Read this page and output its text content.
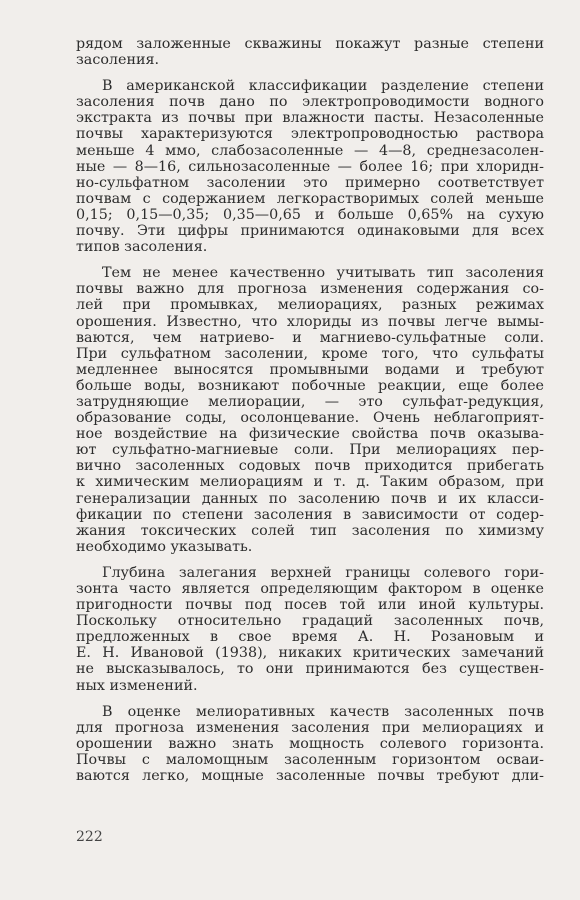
рядом заложенные скважины покажут разные степени
засоления.
В американской классификации разделение степени
засоления почв дано по электропроводимости водного
экстракта из почвы при влажности пасты. Незасоленные
почвы характеризуются электропроводностью раствора
меньше 4 ммо, слабозасоленные — 4—8, среднезасолен-
ные — 8—16, сильнозасоленные — более 16; при хлоридн-
но-сульфатном засолении это примерно соответствует
почвам с содержанием легкорастворимых солей меньше
0,15; 0,15—0,35; 0,35—0,65 и больше 0,65% на сухую
почву. Эти цифры принимаются одинаковыми для всех
типов засоления.
Тем не менее качественно учитывать тип засоления
почвы важно для прогноза изменения содержания со-
лей при промывках, мелиорациях, разных режимах
орошения. Известно, что хлориды из почвы легче вымы-
ваются, чем натриево- и магниево-сульфатные соли.
При сульфатном засолении, кроме того, что сульфаты
медленнее выносятся промывными водами и требуют
больше воды, возникают побочные реакции, еще более
затрудняющие мелиорации, — это сульфат-редукция,
образование соды, осолонцевание. Очень неблагоприят-
ное воздействие на физические свойства почв оказыва-
ют сульфатно-магниевые соли. При мелиорациях пер-
вично засоленных содовых почв приходится прибегать
к химическим мелиорациям и т. д. Таким образом, при
генерализации данных по засолению почв и их класси-
фикации по степени засоления в зависимости от содер-
жания токсических солей тип засоления по химизму
необходимо указывать.
Глубина залегания верхней границы солевого гори-
зонта часто является определяющим фактором в оценке
пригодности почвы под посев той или иной культуры.
Поскольку относительно градаций засоленных почв,
предложенных в свое время А. Н. Розановым и
Е. Н. Ивановой (1938), никаких критических замечаний
не высказывалось, то они принимаются без существен-
ных изменений.
В оценке мелиоративных качеств засоленных почв
для прогноза изменения засоления при мелиорациях и
орошении важно знать мощность солевого горизонта.
Почвы с маломощным засоленным горизонтом осваи-
ваются легко, мощные засоленные почвы требуют дли-
222
